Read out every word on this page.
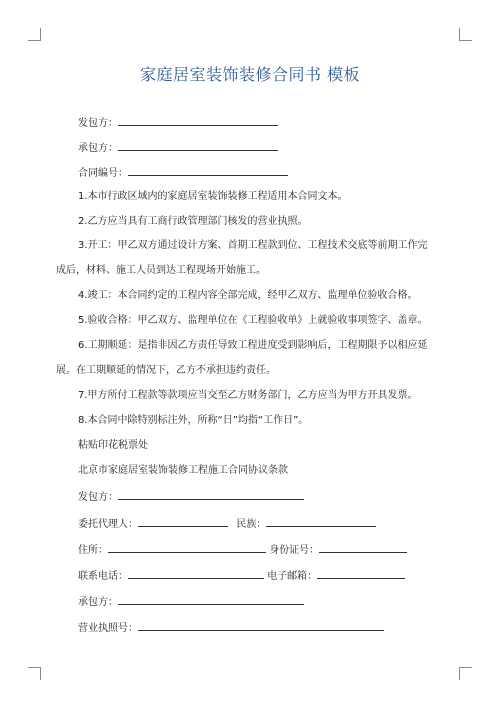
家庭居室装饰装修合同书 模板
发包方：
承包方：
合同编号：
1.本市行政区域内的家庭居室装饰装修工程适用本合同文本。
2.乙方应当具有工商行政管理部门核发的营业执照。
3.开工：甲乙双方通过设计方案、首期工程款到位、工程技术交底等前期工作完
成后，材料、施工人员到达工程现场开始施工。
4.竣工：本合同约定的工程内容全部完成，经甲乙双方、监理单位验收合格。
5.验收合格：甲乙双方、监理单位在《工程验收单》上就验收事项签字、盖章。
6.工期顺延：是指非因乙方责任导致工程进度受到影响后，工程期限予以相应延
展。在工期顺延的情况下，乙方不承担违约责任。
7.甲方所付工程款等款项应当交至乙方财务部门，乙方应当为甲方开具发票。
8.本合同中除特别标注外，所称“日”均指“工作日”。
粘贴印花税票处
北京市家庭居室装饰装修工程施工合同协议条款
发包方：
委托代理人：	民族：
住所：	身份证号：
联系电话：	电子邮箱：
承包方：
营业执照号：
